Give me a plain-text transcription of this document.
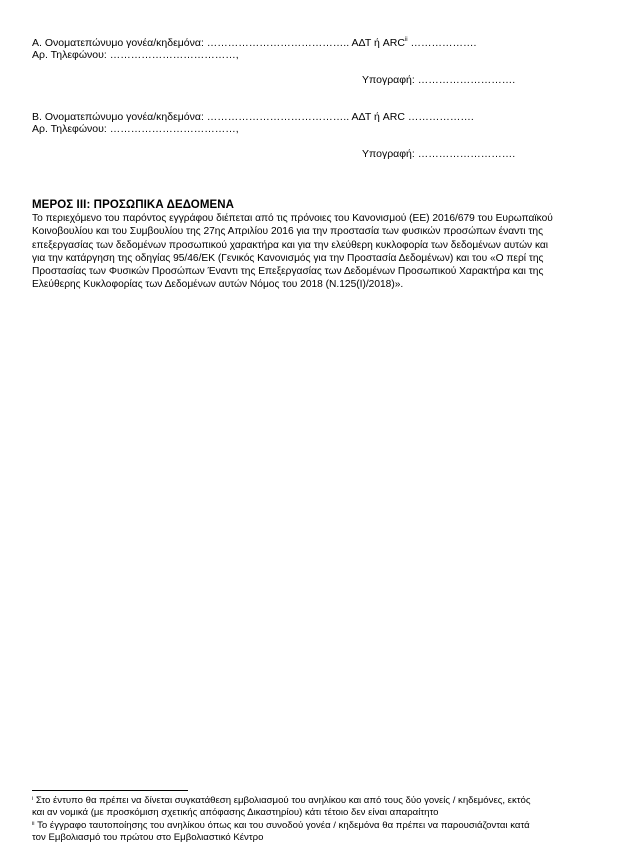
Α. Ονοματεπώνυμο γονέα/κηδεμόνα: ………………………………….. ΑΔΤ ή ARC$^{ii}$ ……………….
Αρ. Τηλεφώνου: ………………………………,
Υπογραφή: ……………………….
Β. Ονοματεπώνυμο γονέα/κηδεμόνα: ………………………………….. ΑΔΤ ή ARC ……………….
Αρ. Τηλεφώνου: ………………………………,
Υπογραφή: ……………………….
ΜΕΡΟΣ ΙΙΙ: ΠΡΟΣΩΠΙΚΑ ΔΕΔΟΜΕΝΑ
Το περιεχόμενο του παρόντος εγγράφου διέπεται από τις πρόνοιες του Κανονισμού (ΕΕ) 2016/679 του Ευρωπαϊκού
Κοινοβουλίου και του Συμβουλίου της 27ης Απριλίου 2016 για την προστασία των φυσικών προσώπων έναντι της
επεξεργασίας των δεδομένων προσωπικού χαρακτήρα και για την ελεύθερη κυκλοφορία των δεδομένων αυτών και
για την κατάργηση της οδηγίας 95/46/ΕΚ (Γενικός Κανονισμός για την Προστασία Δεδομένων) και του «Ο περί της
Προστασίας των Φυσικών Προσώπων Έναντι της Επεξεργασίας των Δεδομένων Προσωπικού Χαρακτήρα και της
Ελεύθερης Κυκλοφορίας των Δεδομένων αυτών Νόμος του 2018 (Ν.125(Ι)/2018)».
$^i$ Στο έντυπο θα πρέπει να δίνεται συγκατάθεση εμβολιασμού του ανηλίκου και από τους δύο γονείς / κηδεμόνες, εκτός
και αν νομικά (με προσκόμιση σχετικής απόφασης Δικαστηρίου) κάτι τέτοιο δεν είναι απαραίτητο
$^{ii}$ Το έγγραφο ταυτοποίησης του ανηλίκου όπως και του συνοδού γονέα / κηδεμόνα θα πρέπει να παρουσιάζονται κατά
τον Εμβολιασμό του πρώτου στο Εμβολιαστικό Κέντρο
